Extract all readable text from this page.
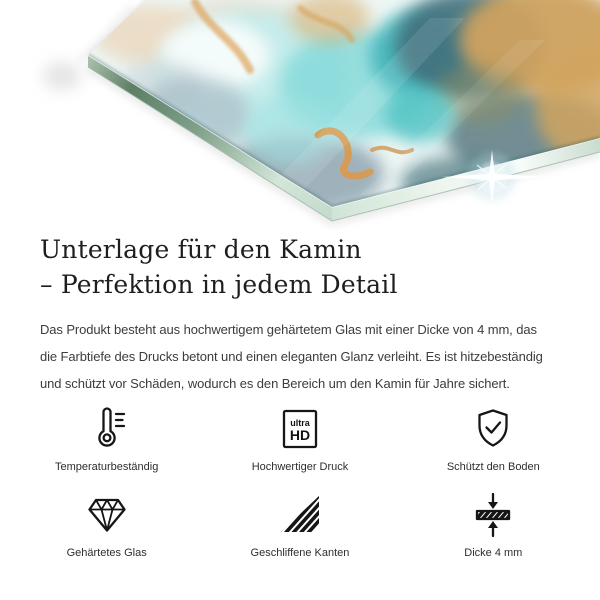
Unterlage für den Kamin
– Perfektion in jedem Detail

Das Produkt besteht aus hochwertigem gehärtetem Glas mit einer Dicke von 4 mm, das die Farbtiefe des Drucks betont und einen eleganten Glanz verleiht. Es ist hitzebeständig und schützt vor Schäden, wodurch es den Bereich um den Kamin für Jahre sichert.

Temperaturbeständig
ultra
HD
Hochwertiger Druck	Schützt den Boden
Gehärtetes Glas	Geschliffene Kanten	Dicke 4 mm
